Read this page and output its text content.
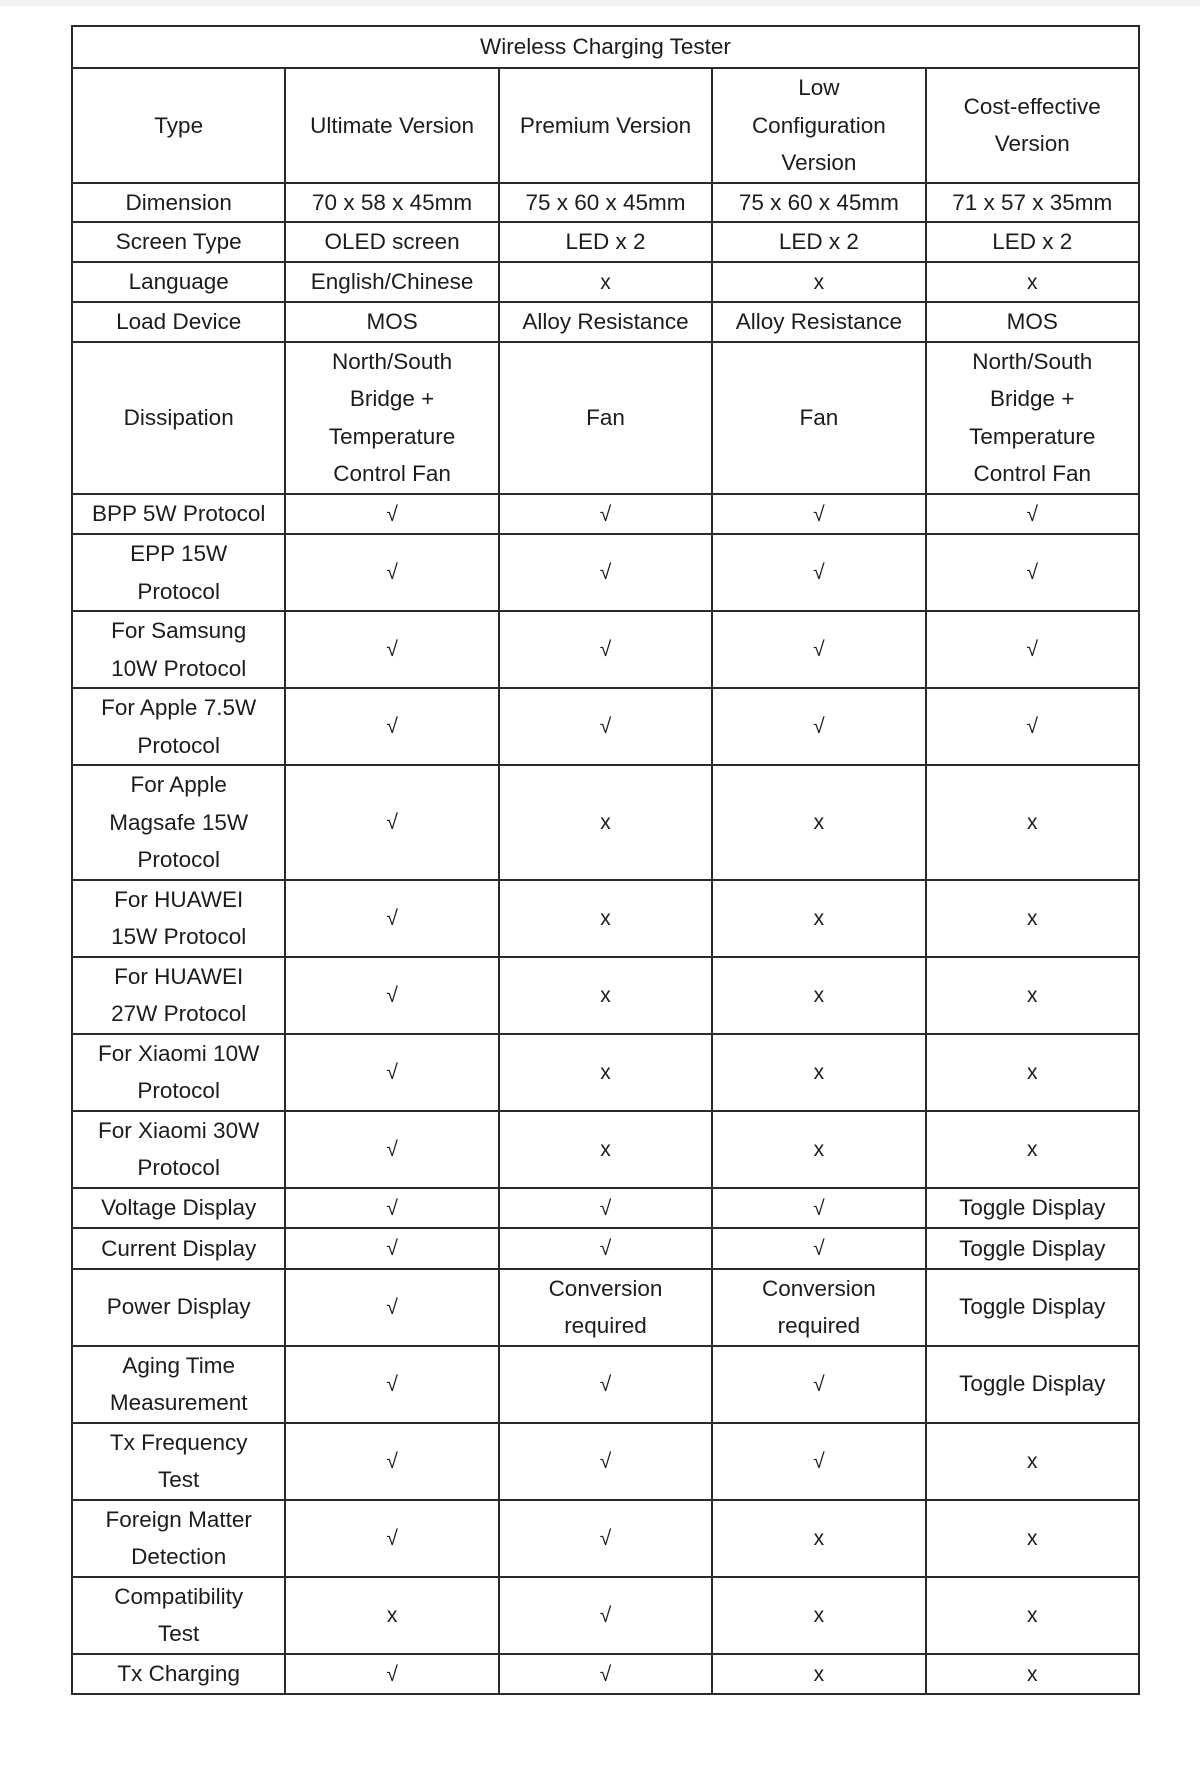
Wireless Charging Tester				
Type	Ultimate Version	Premium Version	Low Configuration Version	Cost-effective Version
Dimension	70 x 58 x 45mm	75 x 60 x 45mm	75 x 60 x 45mm	71 x 57 x 35mm
Screen Type	OLED screen	LED x 2	LED x 2	LED x 2
Language	English/Chinese	x	x	x
Load Device	MOS	Alloy Resistance	Alloy Resistance	MOS
Dissipation	North/South Bridge + Temperature Control Fan	Fan	Fan	North/South Bridge + Temperature Control Fan
BPP 5W Protocol	√	√	√	√
EPP 15W Protocol	√	√	√	√
For Samsung 10W Protocol	√	√	√	√
For Apple 7.5W Protocol	√	√	√	√
For Apple Magsafe 15W Protocol	√	x	x	x
For HUAWEI 15W Protocol	√	x	x	x
For HUAWEI 27W Protocol	√	x	x	x
For Xiaomi 10W Protocol	√	x	x	x
For Xiaomi 30W Protocol	√	x	x	x
Voltage Display	√	√	√	Toggle Display
Current Display	√	√	√	Toggle Display
Power Display	√	Conversion required	Conversion required	Toggle Display
Aging Time Measurement	√	√	√	Toggle Display
Tx Frequency Test	√	√	√	x
Foreign Matter Detection	√	√	x	x
Compatibility Test	x	√	x	x
Tx Charging	√	√	x	x
